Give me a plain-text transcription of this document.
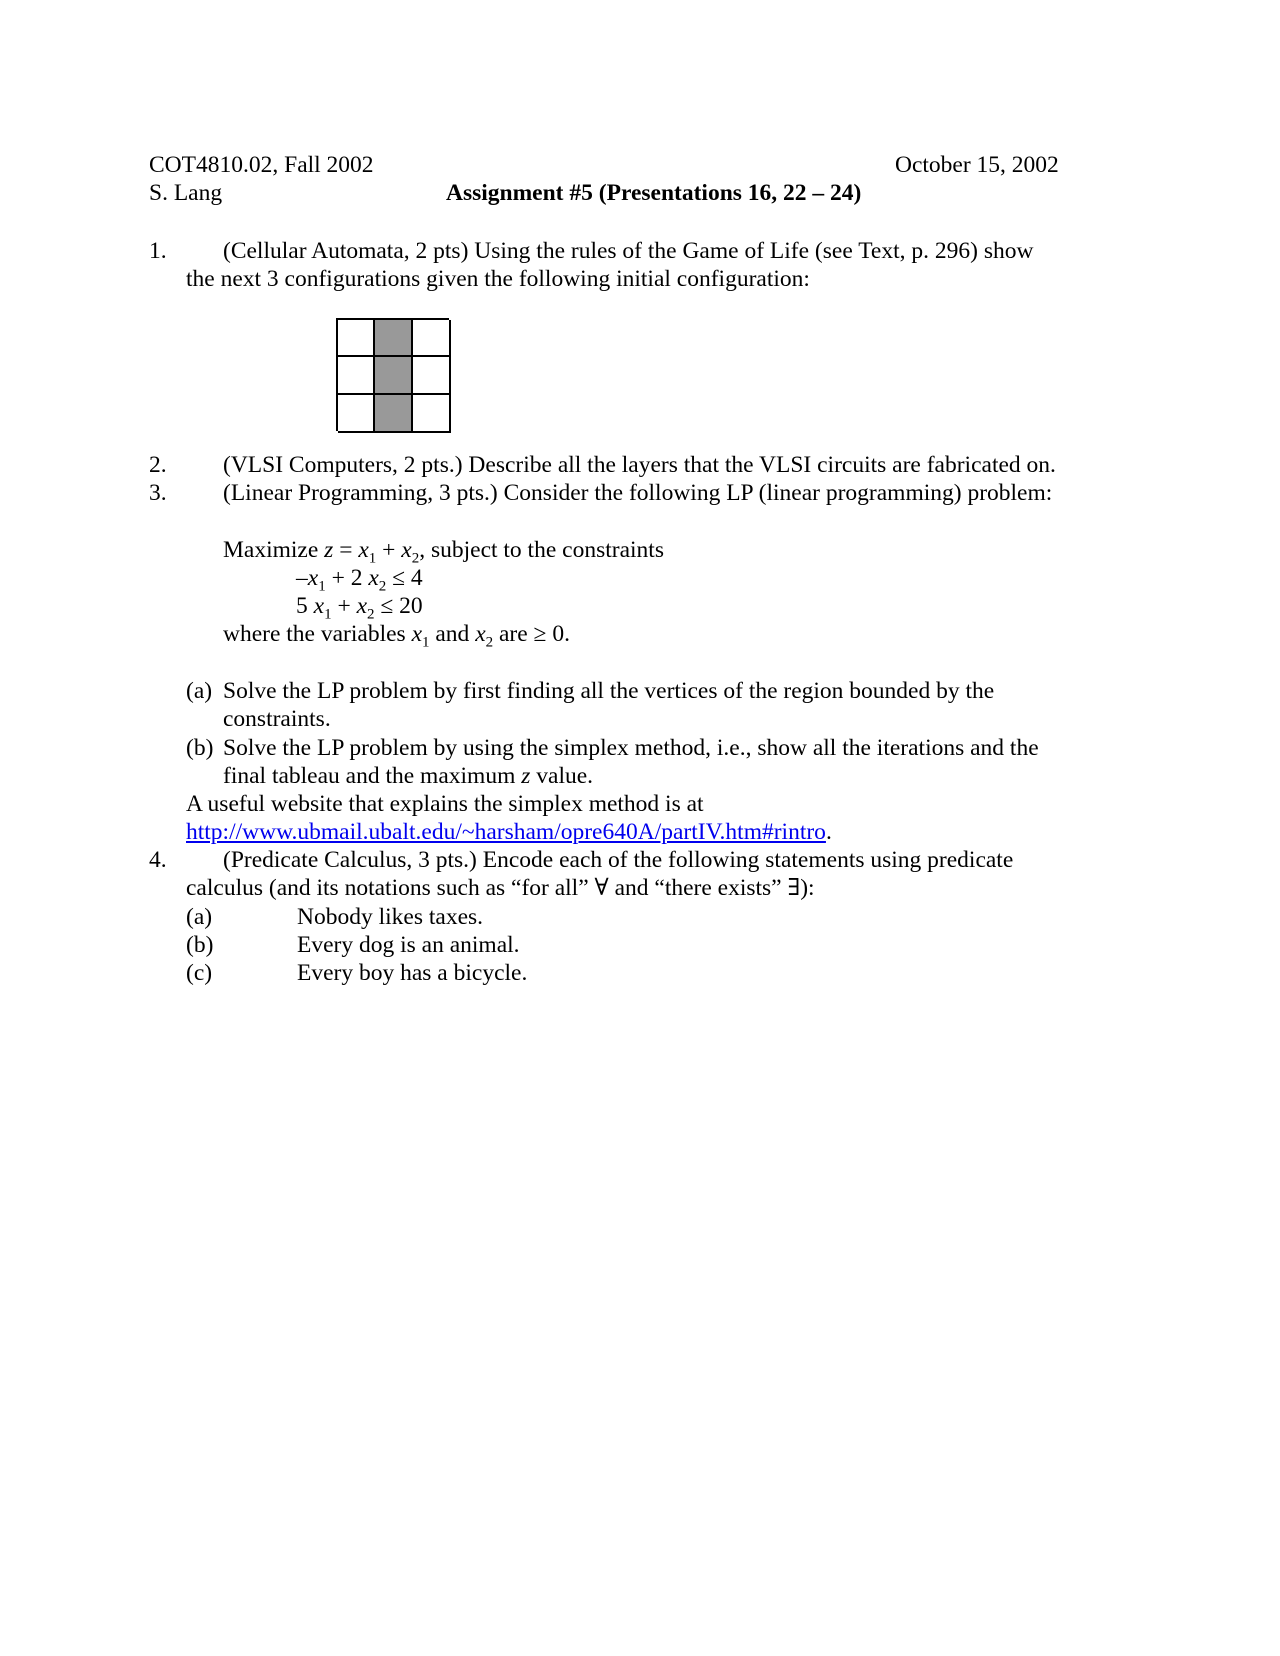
COT4810.02, Fall 2002	October 15, 2002
S. Lang	Assignment #5 (Presentations 16, 22 – 24)
1. (Cellular Automata, 2 pts) Using the rules of the Game of Life (see Text, p. 296) show
the next 3 configurations given the following initial configuration:
2. (VLSI Computers, 2 pts.) Describe all the layers that the VLSI circuits are fabricated on.
3. (Linear Programming, 3 pts.) Consider the following LP (linear programming) problem:
Maximize $z = x_1 + x_2$, subject to the constraints
$-x_1 + 2$ $x_2 \le 4$
5 $x_1 + x_2 \le 20$
where the variables $x_1$ and $x_2$ are ≥ 0.
(a) Solve the LP problem by first finding all the vertices of the region bounded by the
constraints.
(b) Solve the LP problem by using the simplex method, i.e., show all the iterations and the
final tableau and the maximum z value.
A useful website that explains the simplex method is at
http://www.ubmail.ubalt.edu/~harsham/opre640A/partIV.htm#rintro.
4. (Predicate Calculus, 3 pts.) Encode each of the following statements using predicate
calculus (and its notations such as “for all” ∀ and “there exists” ∃):
(a)	Nobody likes taxes.
(b)	Every dog is an animal.
(c)	Every boy has a bicycle.
